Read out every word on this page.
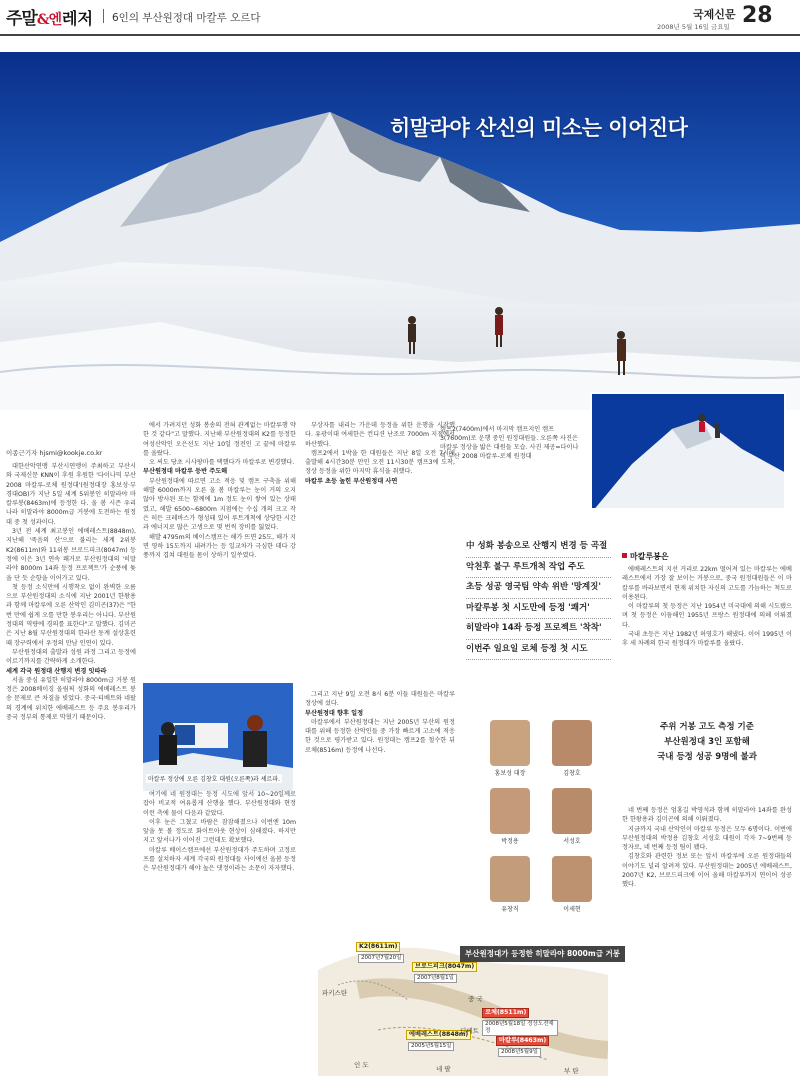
주말&엔 레저 6인의 부산원정대 마칼루 오르다	국제신문
2008년 5월 16일 금요일 28
히말라야 산신의 미소는 이어진다
캠프2(7400m)에서 마지막 캠프지인 캠프3(7600m)로 운행 중인 원정대원들. 오른쪽 사진은 마칼루 정상을 밟은 대원들 모습. 사진 제공=다이나믹 부산 2008 마칼루-로체 원정대
이종근기자 hjsmi@kookje.co.kr

대한산악연맹 부산시연맹이 주최하고 부산시와 국제신문 KNN이 후원 후원한 '다이나믹 부산 2008 마칼루-로체 원정대'(원정대장 홍보성·부경대OB)가 지난 5일 세계 5위봉인 히말라야 마칼루봉(8463m)에 등정한 다. 올 봄 시즌 우리나라 히말라야 8000m급 거봉에 도전하는 원정대 중 첫 성과이다.

3년 전 세계 최고봉인 에베레스트(8848m), 지난해 '죽음의 산'으로 불리는 세계 2위봉 K2(8611m)와 11위봉 브로드피크(8047m) 등정에 이은 3년 연속 쾌거로 부산원정대의 '히말라야 8000m 14좌 등정 프로젝트'가 순풍에 돛을 단 듯 순항을 이어가고 있다.

첫 등정 소식만에 시행착오 없이 완벽한 오름으로 부산원정대의 소식에 지난 2001년 한왕용과 함께 마칼루에 오른 산악인 김미곤(37)은 "한번 만에 쉽게 오를 만한 봉우리는 아니다. 부산원정대의 역량에 경의를 표한다"고 말했다. 김미곤은 지난 8월 부산원정대의 한라산 동계 설상훈련 때 장구력에서 우정의 만남 인연이 있다.

부산원정대의 출발과 성원 과정 그리고 등정에 이르기까지를 간략하게 소개한다.

세계 각국 원정대 산행지 변경 잇따라

서울 중심 유일한 히말라야 8000m급 거봉 원정은 2008베이징 올림픽 성화의 에베레스트 봉송 문제로 큰 차질을 빚었다. 중국·티베트와 네팔의 경계에 위치한 에베레스트 등 주요 봉우리가 중국 정부의 통제로 막혔기 때문이다.

에서 가려지던 성화 봉송의 전혀 관계없는 마칼루행 약한 것 같다"고 말했다. 지난해 부산원정대의 K2를 등정한 여성산악인 오은선도 지난 10일 정전인 고 끝에 마칼루를 올랐다.

오 씨도 당초 시샤팡마를 택했다가 마칼루로 변경했다.

부산원정대 마칼루 등반 주도해

부산원정대에 따르면 고소 적응 및 캠프 구축을 위해 해발 6000m까지 오른 올 봄 마칼루는 눈이 거의 오지 않아 방사된 또는 함께에 1m 정도 눈이 쌓여 있는 상태였고, 해발 6500~6800m 지점에는 수십 개의 크고 작은 히든 크레바스가 형성돼 있어 루트개척에 상당한 시간과 에너지로 많은 고생으로 몇 번씩 장비를 잃었다.

해발 4795m의 베이스캠프는 해가 뜨면 25도, 해가 지면 영하 15도까지 내려가는 등 일교차가 극심한 데다 강풍까지 겹쳐 대원들 몸이 상하기 일쑤였다.

마칼루 정상에 오른 김창호 대원(오른쪽)과 셰르파.

여기에 네 원정대는 등정 시도에 앞서 10~20일께로 잡아 비교적 여유롭게 산행을 했다. 부산원정대와 현정 이런 측에 물이 다음과 같았다.

이후 눈은 그쳤고 바람은 잠잠해졌으나 이번엔 10m 앞을 못 볼 정도로 화이트아웃 현상이 심해졌다. 하지만 지고 앞서나가 이어진 그런데도 확보했다.

마칼루 베이스캠프에선 부산원정대가 주도하며 고정로프를 설치하자 세계 각국의 원정대들 사이에선 올봄 등정은 부산원정대가 해야 높은 댓정이라는 소문이 자자했다.

부상자를 내리는 가운데 등정을 위한 운행을 시작했다. 유광이대 여세한은 컨디션 난조로 7000m 지점에서 하산했다.

캠프2에서 1박을 한 대원들은 지난 8일 오전 7시에 출발해 4시간30분 만인 오전 11시30분 캠프3에 도착, 정상 등정을 위한 마지막 휴식을 취했다.

마칼루 초등 높힌 부산원정대 사연

그리고 지난 9일 오전 8시 6분 이들 대원들은 마칼루 정상에 섰다.

부산원정대 향후 일정

마칼루에서 부산원정대는 지난 2005년 부산의 원정대를 위해 등정한 산악인들 중 가장 빠르게 고소에 적응한 것으로 평가받고 있다. 원정대는 캠프2를 철수한 뒤 로체(8516m) 등정에 나선다.

中 성화 봉송으로 산행지 변경 등 곡절
악천후 불구 루트개척 작업 주도
초등 성공 영국팀 약속 위반 '망계짓'
마칼루봉 첫 시도만에 등정 '쾌거'
히말라야 14좌 등정 프로젝트 '착착'
이번주 일요일 로체 등정 첫 시도
홍보성 대장	김창호
박정용	서성호
유창직	이세현
마칼루봉은

에베레스트의 지선 거리로 22km 떨어져 있는 마칼루는 에베레스트에서 가장 잘 보이는 거봉으로, 중국 원정대원들은 이 마칼루를 바라보면서 현재 위치한 자신의 고도를 가늠하는 척도로 이용된다.

이 마칼루의 첫 등정은 지난 1954년 미국대에 의해 시도됐으며 첫 등정은 이듬해인 1955년 프랑스 원정대에 의해 이뤄졌다.

국내 초등은 지난 1982년 허영호가 해냈다. 이어 1995년 이후 세 차례의 한국 원정대가 마칼루를 올랐다.

주위 거봉 고도 측정 기준
부산원정대 3인 포함해
국내 등정 성공 9명에 불과

네 번째 등정은 엄홍길 박영석과 함께 히말라야 14좌를 완성한 한왕용과 김미곤에 의해 이뤄졌다.

지금까지 국내 산악인이 마칼루 등정은 모두 6명이다. 이번에 부산원정대의 박정용 김창호 서성호 대원이 각자 7~9번째 등정자로, 네 번째 등정 팀이 됐다.

김창호와 관련한 정보 또는 앞서 마칼루에 오른 원정대들의 이야기도 널리 알려져 있다. 부산원정대는 2005년 에베레스트, 2007년 K2, 브로드피크에 이어 올해 마칼루까지 연이어 성공했다.

K2(8611m)
2007년7월20일
브로드피크(8047m)
2007년8월1일
에베레스트(8848m)
2005년5월15일
로체(8511m)
2008년5월18일 정상도전예정
마칼루(8463m)
2008년5월9일
파키스탄
중 국
티베트
인 도	네 팔	부 탄
부산원정대가 등정한 히말라야 8000m급 거봉
